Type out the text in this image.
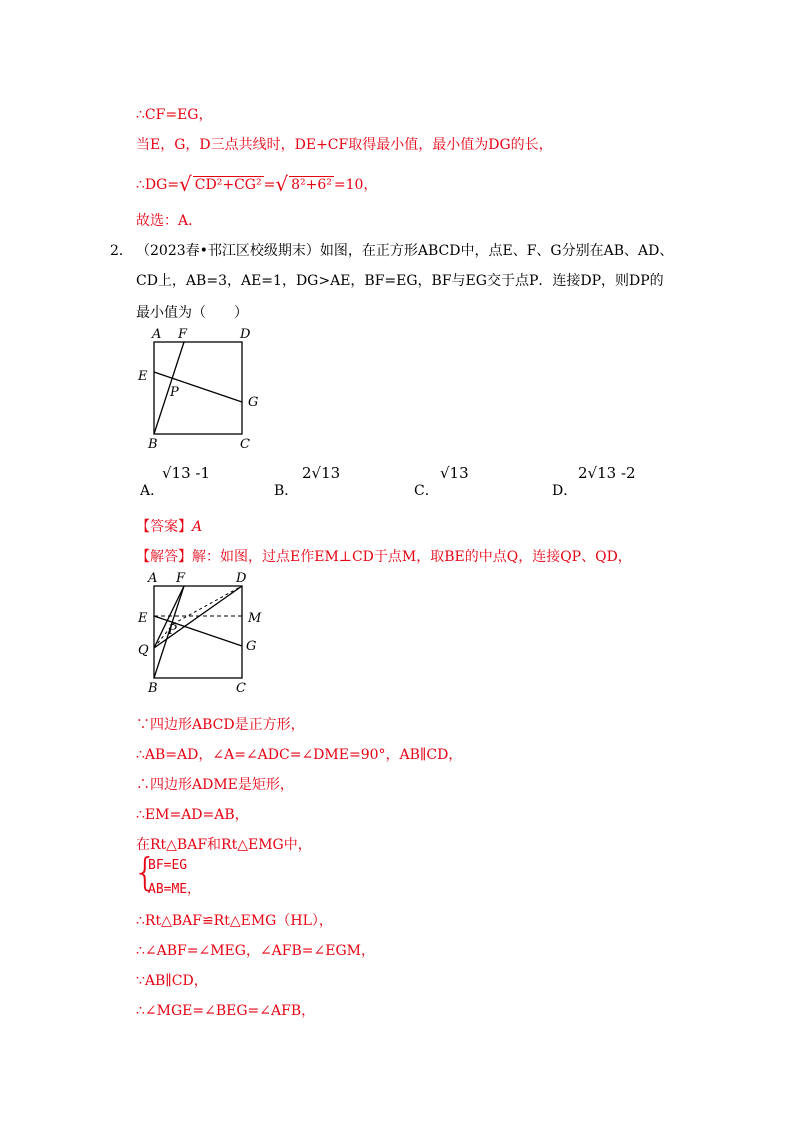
∴CF=EG，
当E，G，D三点共线时，DE+CF取得最小值，最小值为DG的长，
∴DG=√ CD²+CG² =√ 8²+6² =10，
故选：A．
2． （2023春•邗江区校级期末）如图，在正方形ABCD中，点E、F、G分别在AB、AD、
CD上，AB=3，AE=1，DG>AE，BF=EG，BF与EG交于点P．连接DP，则DP的
最小值为（　　）
A F	D
E
P
G
B	C
A．
√13 -1
B．
2√13
C．
√13
D．
2√13 -2
【答案】A
【解答】解：如图，过点E作EM⊥CD于点M，取BE的中点Q，连接QP、QD，
A F	D
E	M
P
Q	G
B	C
∵四边形ABCD是正方形，
∴AB=AD，∠A=∠ADC=∠DME=90°，AB∥CD，
∴四边形ADME是矩形，
∴EM=AD=AB，
在Rt△BAF和Rt△EMG中，
{
BF=EG
AB=ME，
∴Rt△BAF≌Rt△EMG（HL），
∴∠ABF=∠MEG，∠AFB=∠EGM，
∵AB∥CD，
∴∠MGE=∠BEG=∠AFB，
